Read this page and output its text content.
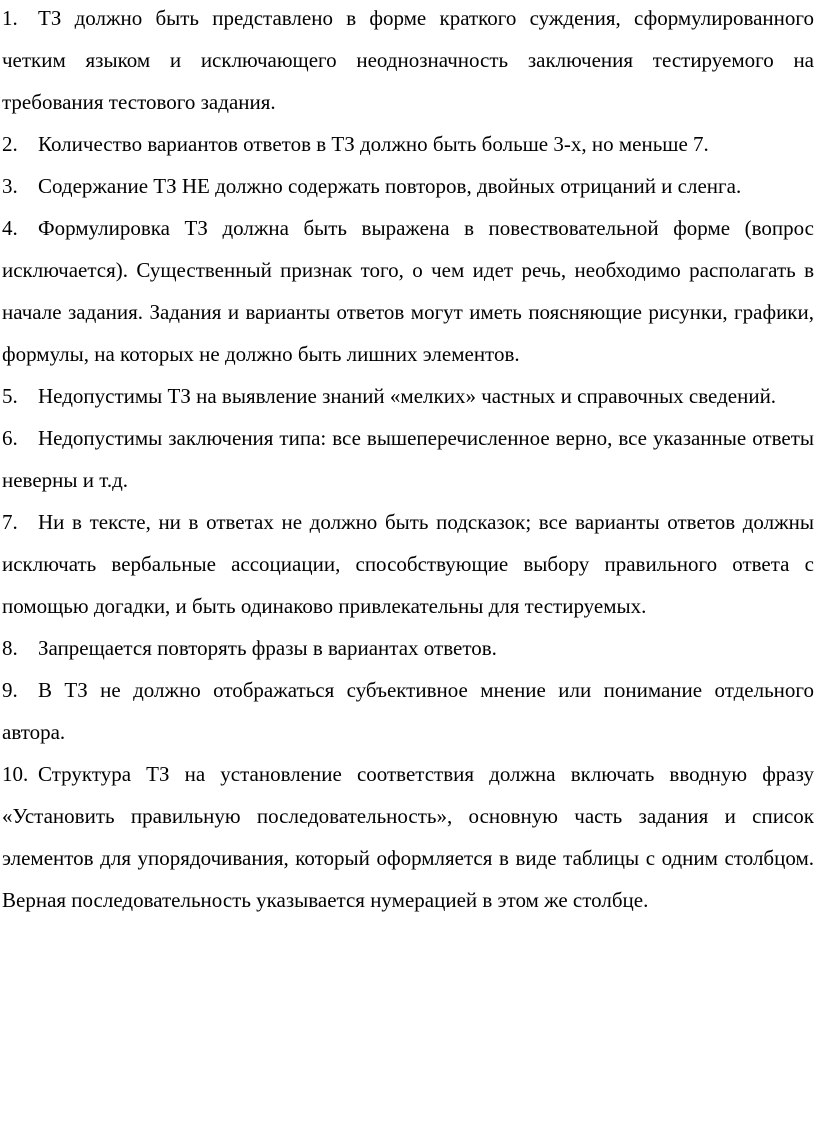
1. ТЗ должно быть представлено в форме краткого суждения, сформулированного четким языком и исключающего неоднозначность заключения тестируемого на требования тестового задания.

2. Количество вариантов ответов в ТЗ должно быть больше 3-х, но меньше 7.

3. Содержание ТЗ НЕ должно содержать повторов, двойных отрицаний и сленга.

4. Формулировка ТЗ должна быть выражена в повествовательной форме (вопрос исключается). Существенный признак того, о чем идет речь, необходимо располагать в начале задания. Задания и варианты ответов могут иметь поясняющие рисунки, графики, формулы, на которых не должно быть лишних элементов.

5. Недопустимы ТЗ на выявление знаний «мелких» частных и справочных сведений.

6. Недопустимы заключения типа: все вышеперечисленное верно, все указанные ответы неверны и т.д.

7. Ни в тексте, ни в ответах не должно быть подсказок; все варианты ответов должны исключать вербальные ассоциации, способствующие выбору правильного ответа с помощью догадки, и быть одинаково привлекательны для тестируемых.

8. Запрещается повторять фразы в вариантах ответов.

9. В ТЗ не должно отображаться субъективное мнение или понимание отдельного автора.

10. Структура ТЗ на установление соответствия должна включать вводную фразу «Установить правильную последовательность», основную часть задания и список элементов для упорядочивания, который оформляется в виде таблицы с одним столбцом. Верная последовательность указывается нумерацией в этом же столбце.
